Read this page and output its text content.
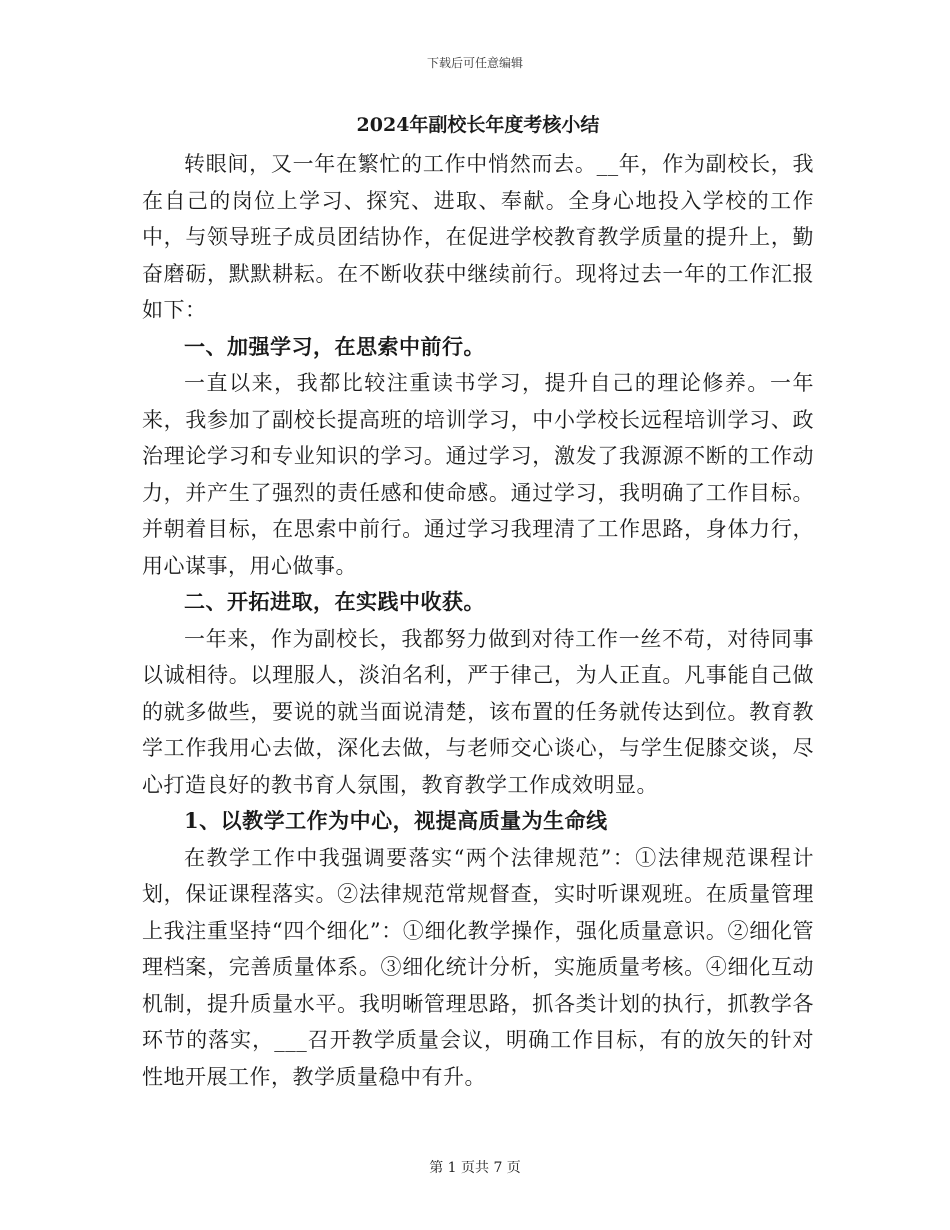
下载后可任意编辑
2024年副校长年度考核小结

转眼间，又一年在繁忙的工作中悄然而去。__年，作为副校长，我在自己的岗位上学习、探究、进取、奉献。全身心地投入学校的工作中，与领导班子成员团结协作，在促进学校教育教学质量的提升上，勤奋磨砺，默默耕耘。在不断收获中继续前行。现将过去一年的工作汇报如下：

一、加强学习，在思索中前行。

一直以来，我都比较注重读书学习，提升自己的理论修养。一年来，我参加了副校长提高班的培训学习，中小学校长远程培训学习、政治理论学习和专业知识的学习。通过学习，激发了我源源不断的工作动力，并产生了强烈的责任感和使命感。通过学习，我明确了工作目标。并朝着目标，在思索中前行。通过学习我理清了工作思路，身体力行，用心谋事，用心做事。

二、开拓进取，在实践中收获。

一年来，作为副校长，我都努力做到对待工作一丝不苟，对待同事以诚相待。以理服人，淡泊名利，严于律己，为人正直。凡事能自己做的就多做些，要说的就当面说清楚，该布置的任务就传达到位。教育教学工作我用心去做，深化去做，与老师交心谈心，与学生促膝交谈，尽心打造良好的教书育人氛围，教育教学工作成效明显。

1、以教学工作为中心，视提高质量为生命线

在教学工作中我强调要落实“两个法律规范”：①法律规范课程计划，保证课程落实。②法律规范常规督查，实时听课观班。在质量管理上我注重坚持“四个细化”：①细化教学操作，强化质量意识。②细化管理档案，完善质量体系。③细化统计分析，实施质量考核。④细化互动机制，提升质量水平。我明晰管理思路，抓各类计划的执行，抓教学各环节的落实，___召开教学质量会议，明确工作目标，有的放矢的针对性地开展工作，教学质量稳中有升。

第 1 页共 7 页
